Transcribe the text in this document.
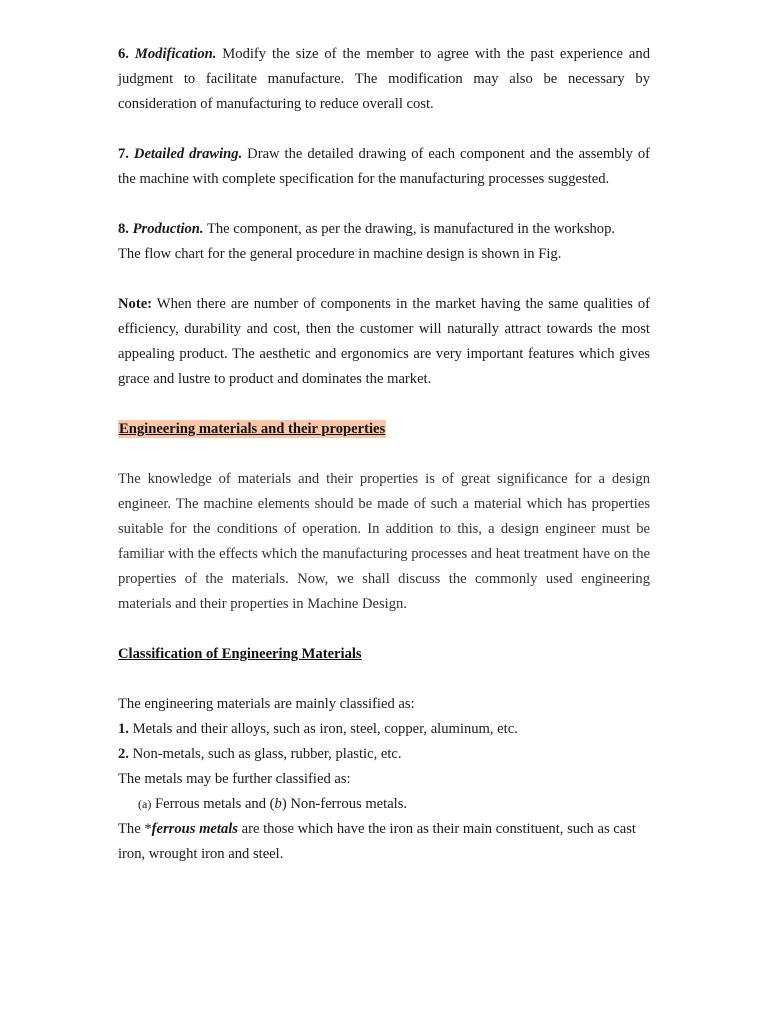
6. Modification. Modify the size of the member to agree with the past experience and judgment to facilitate manufacture. The modification may also be necessary by consideration of manufacturing to reduce overall cost.

7. Detailed drawing. Draw the detailed drawing of each component and the assembly of the machine with complete specification for the manufacturing processes suggested.

8. Production. The component, as per the drawing, is manufactured in the workshop.

The flow chart for the general procedure in machine design is shown in Fig.

Note: When there are number of components in the market having the same qualities of efficiency, durability and cost, then the customer will naturally attract towards the most appealing product. The aesthetic and ergonomics are very important features which gives grace and lustre to product and dominates the market.

Engineering materials and their properties

The knowledge of materials and their properties is of great significance for a design engineer. The machine elements should be made of such a material which has properties suitable for the conditions of operation. In addition to this, a design engineer must be familiar with the effects which the manufacturing processes and heat treatment have on the properties of the materials. Now, we shall discuss the commonly used engineering materials and their properties in Machine Design.

Classification of Engineering Materials

The engineering materials are mainly classified as:

1. Metals and their alloys, such as iron, steel, copper, aluminum, etc.

2. Non-metals, such as glass, rubber, plastic, etc.

The metals may be further classified as:

(a) Ferrous metals and (b) Non-ferrous metals.

The *ferrous metals are those which have the iron as their main constituent, such as cast iron, wrought iron and steel.
